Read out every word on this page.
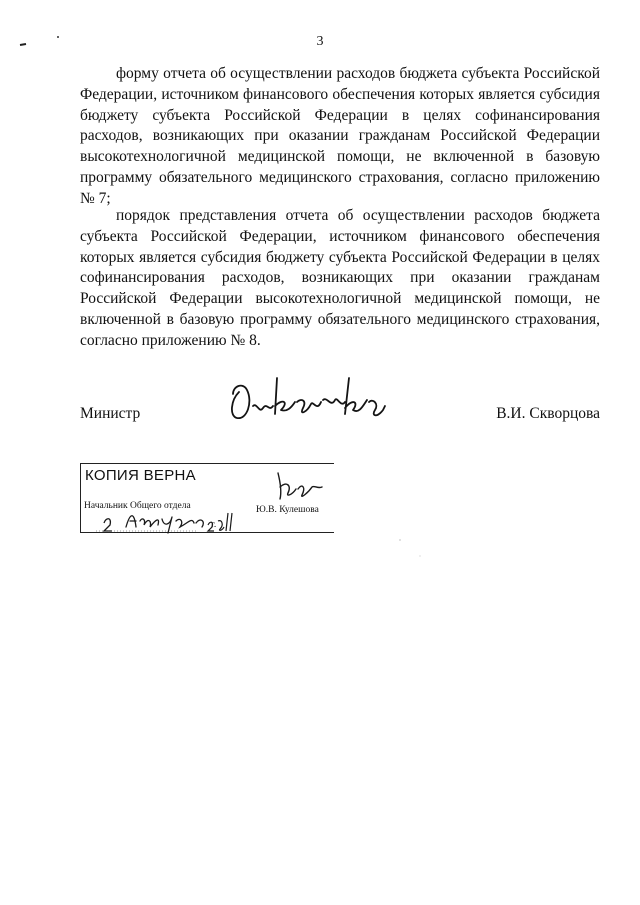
3

форму отчета об осуществлении расходов бюджета субъекта Российской Федерации, источником финансового обеспечения которых является субсидия бюджету субъекта Российской Федерации в целях софинансирования расходов, возникающих при оказании гражданам Российской Федерации высокотехнологичной медицинской помощи, не включенной в базовую программу обязательного медицинского страхования, согласно приложению № 7;

порядок представления отчета об осуществлении расходов бюджета субъекта Российской Федерации, источником финансового обеспечения которых является субсидия бюджету субъекта Российской Федерации в целях софинансирования расходов, возникающих при оказании гражданам Российской Федерации высокотехнологичной медицинской помощи, не включенной в базовую программу обязательного медицинского страхования, согласно приложению № 8.

Министр	В.И. Скворцова
КОПИЯ ВЕРНА
Начальник Общего отдела	Ю.В. Кулешова
г.
